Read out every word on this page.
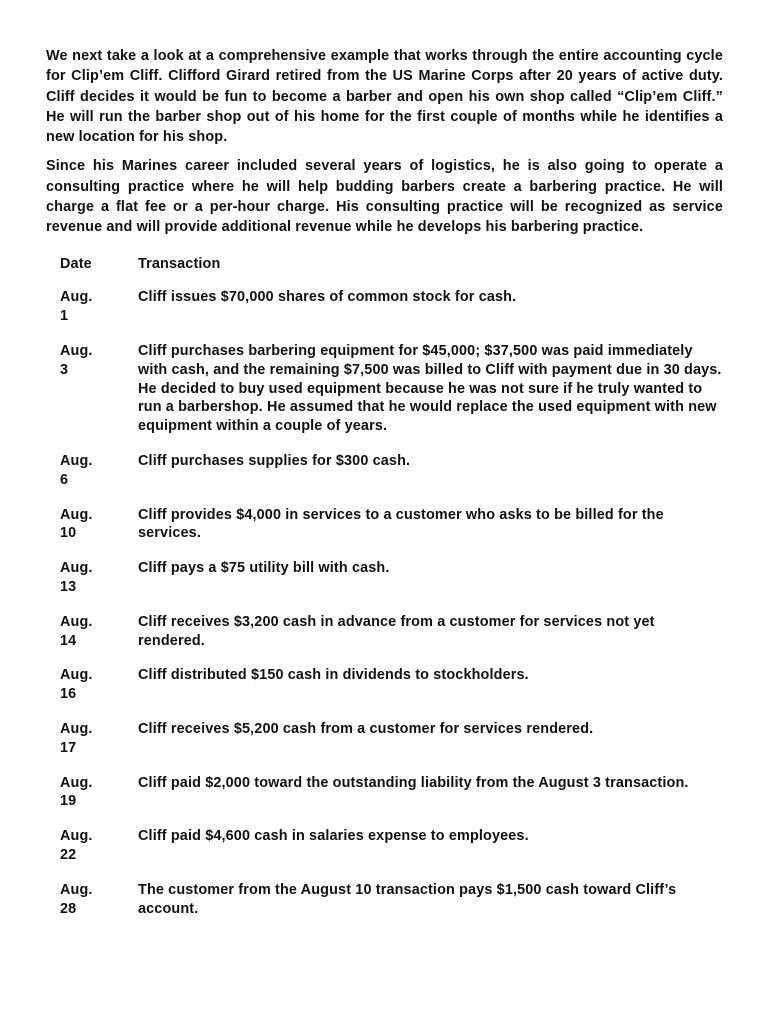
We next take a look at a comprehensive example that works through the entire accounting cycle for Clip’em Cliff. Clifford Girard retired from the US Marine Corps after 20 years of active duty. Cliff decides it would be fun to become a barber and open his own shop called “Clip’em Cliff.” He will run the barber shop out of his home for the first couple of months while he identifies a new location for his shop.

Since his Marines career included several years of logistics, he is also going to operate a consulting practice where he will help budding barbers create a barbering practice. He will charge a flat fee or a per-hour charge. His consulting practice will be recognized as service revenue and will provide additional revenue while he develops his barbering practice.

Date	Transaction

Aug. 1	Cliff issues $70,000 shares of common stock for cash.

Aug. 3	Cliff purchases barbering equipment for $45,000; $37,500 was paid immediately with cash, and the remaining $7,500 was billed to Cliff with payment due in 30 days. He decided to buy used equipment because he was not sure if he truly wanted to run a barbershop. He assumed that he would replace the used equipment with new equipment within a couple of years.

Aug. 6	Cliff purchases supplies for $300 cash.

Aug. 10	Cliff provides $4,000 in services to a customer who asks to be billed for the services.

Aug. 13	Cliff pays a $75 utility bill with cash.

Aug. 14	Cliff receives $3,200 cash in advance from a customer for services not yet rendered.

Aug. 16	Cliff distributed $150 cash in dividends to stockholders.

Aug. 17	Cliff receives $5,200 cash from a customer for services rendered.

Aug. 19	Cliff paid $2,000 toward the outstanding liability from the August 3 transaction.

Aug. 22	Cliff paid $4,600 cash in salaries expense to employees.

Aug. 28	The customer from the August 10 transaction pays $1,500 cash toward Cliff’s account.
